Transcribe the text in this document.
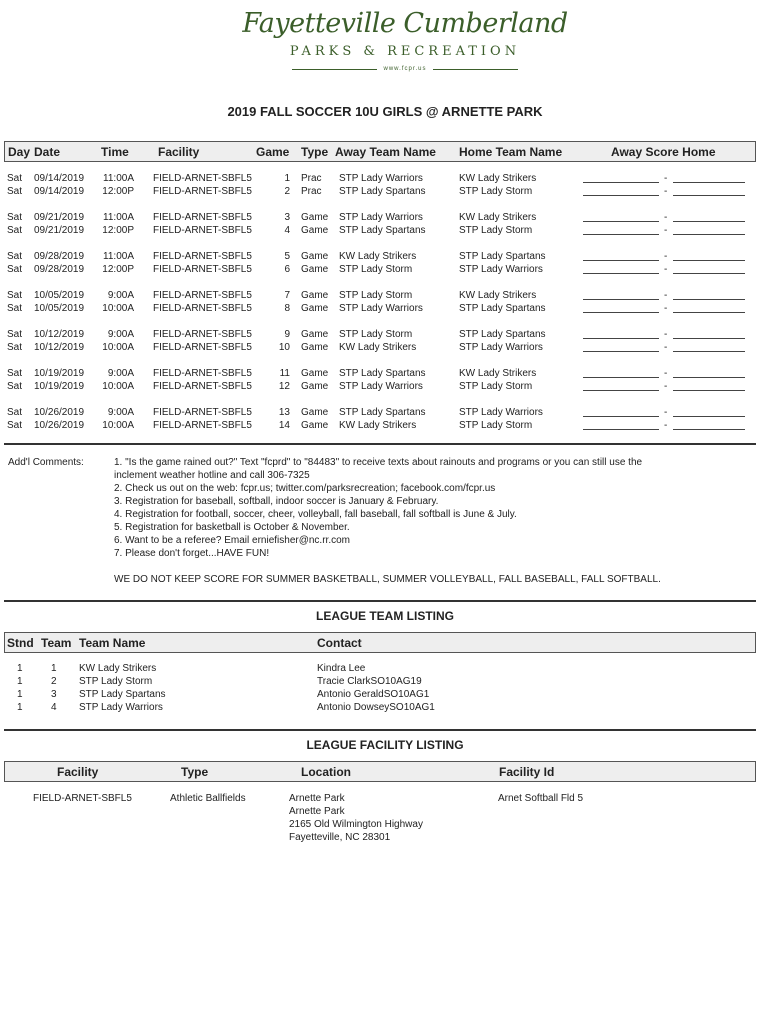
Fayetteville Cumberland
PARKS & RECREATION
www.fcpr.us
2019 FALL SOCCER 10U GIRLS @ ARNETTE PARK
Day Date	Time Facility	Game Type Away Team Name Home Team Name	Away Score Home
Sat 09/14/2019	11:00A FIELD-ARNET-SBFL5	1 Prac STP Lady Warriors	KW Lady Strikers	-
Sat 09/14/2019	12:00P FIELD-ARNET-SBFL5	2 Prac STP Lady Spartans	STP Lady Storm	-
Sat 09/21/2019	11:00A FIELD-ARNET-SBFL5	3 Game STP Lady Warriors	KW Lady Strikers	-
Sat 09/21/2019	12:00P FIELD-ARNET-SBFL5	4 Game STP Lady Spartans	STP Lady Storm	-
Sat 09/28/2019	11:00A FIELD-ARNET-SBFL5	5 Game KW Lady Strikers	STP Lady Spartans	-
Sat 09/28/2019	12:00P FIELD-ARNET-SBFL5	6 Game STP Lady Storm	STP Lady Warriors	-
Sat 10/05/2019	9:00A FIELD-ARNET-SBFL5	7 Game STP Lady Storm	KW Lady Strikers	-
Sat 10/05/2019	10:00A FIELD-ARNET-SBFL5	8 Game STP Lady Warriors	STP Lady Spartans	-
Sat 10/12/2019	9:00A FIELD-ARNET-SBFL5	9 Game STP Lady Storm	STP Lady Spartans	-
Sat 10/12/2019	10:00A FIELD-ARNET-SBFL5	10 Game KW Lady Strikers	STP Lady Warriors	-
Sat 10/19/2019	9:00A FIELD-ARNET-SBFL5	11 Game STP Lady Spartans	KW Lady Strikers	-
Sat 10/19/2019	10:00A FIELD-ARNET-SBFL5	12 Game STP Lady Warriors	STP Lady Storm	-
Sat 10/26/2019	9:00A FIELD-ARNET-SBFL5	13 Game STP Lady Spartans	STP Lady Warriors	-
Sat 10/26/2019	10:00A FIELD-ARNET-SBFL5	14 Game KW Lady Strikers	STP Lady Storm	-
Add'l Comments:	1. "Is the game rained out?" Text "fcprd" to "84483" to receive texts about rainouts and programs or you can still use the
inclement weather hotline and call 306-7325
2. Check us out on the web: fcpr.us; twitter.com/parksrecreation; facebook.com/fcpr.us
3. Registration for baseball, softball, indoor soccer is January & February.
4. Registration for football, soccer, cheer, volleyball, fall baseball, fall softball is June & July.
5. Registration for basketball is October & November.
6. Want to be a referee? Email erniefisher@nc.rr.com
7. Please don't forget...HAVE FUN!
WE DO NOT KEEP SCORE FOR SUMMER BASKETBALL, SUMMER VOLLEYBALL, FALL BASEBALL, FALL SOFTBALL.
LEAGUE TEAM LISTING
Stnd Team Team Name	Contact
1	1 KW Lady Strikers	Kindra Lee
1	2 STP Lady Storm	Tracie ClarkSO10AG19
1	3 STP Lady Spartans	Antonio GeraldSO10AG1
1	4 STP Lady Warriors	Antonio DowseySO10AG1
LEAGUE FACILITY LISTING
Facility	Type	Location	Facility Id
FIELD-ARNET-SBFL5	Athletic Ballfields	Arnette Park
Arnette Park
2165 Old Wilmington Highway
Fayetteville, NC 28301
Arnet Softball Fld 5
